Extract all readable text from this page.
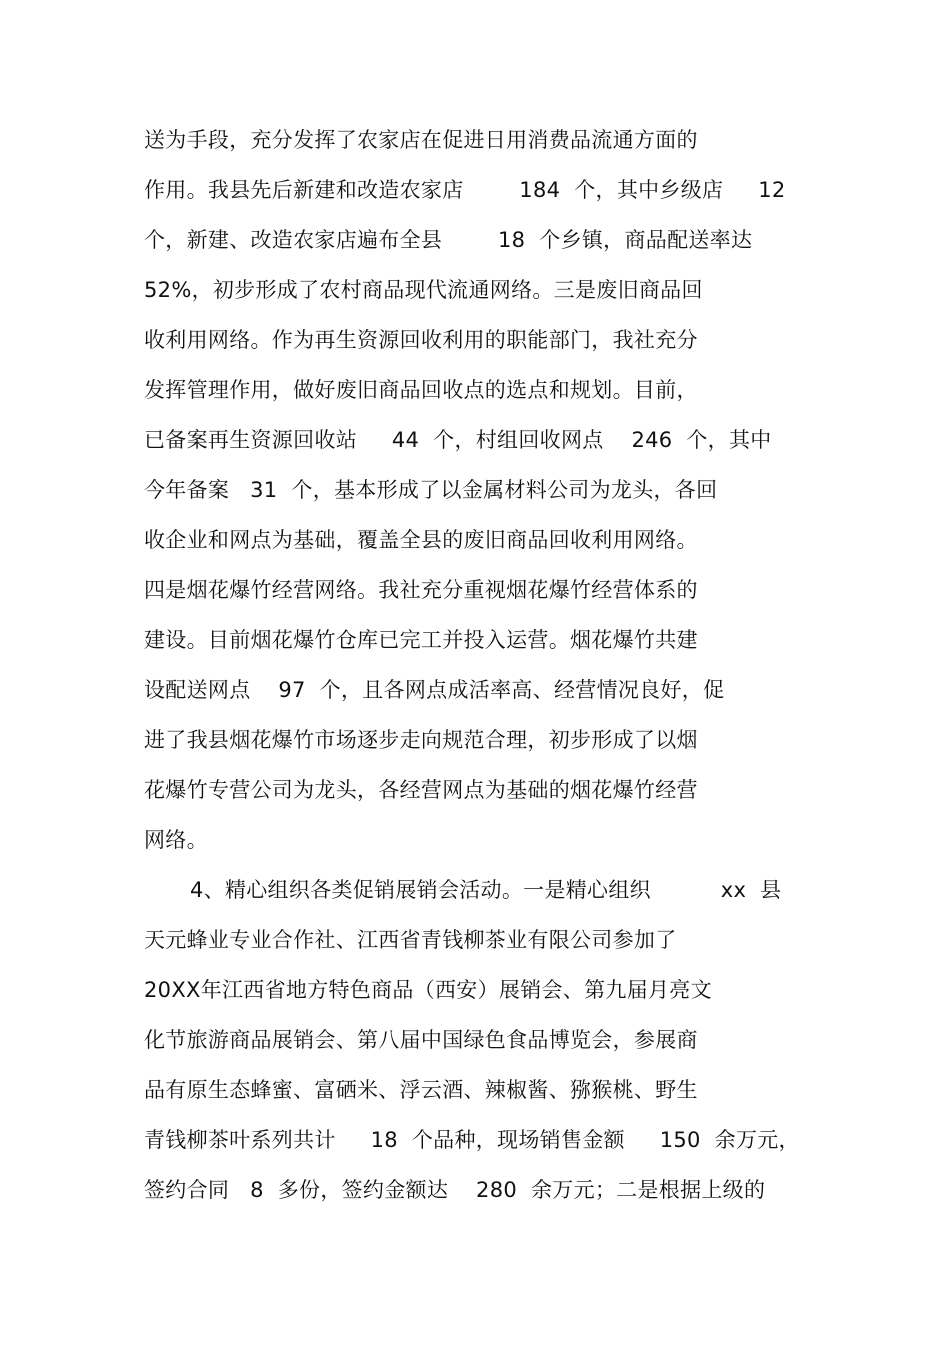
送为手段，充分发挥了农家店在促进日用消费品流通方面的
作用。我县先后新建和改造农家店        184  个，其中乡级店     12
个，新建、改造农家店遍布全县        18  个乡镇，商品配送率达
52%，初步形成了农村商品现代流通网络。三是废旧商品回
收利用网络。作为再生资源回收利用的职能部门，我社充分
发挥管理作用，做好废旧商品回收点的选点和规划。目前，
已备案再生资源回收站     44  个，村组回收网点    246  个，其中
今年备案   31  个，基本形成了以金属材料公司为龙头，各回
收企业和网点为基础，覆盖全县的废旧商品回收利用网络。
四是烟花爆竹经营网络。我社充分重视烟花爆竹经营体系的
建设。目前烟花爆竹仓库已完工并投入运营。烟花爆竹共建
设配送网点    97  个，且各网点成活率高、经营情况良好，促
进了我县烟花爆竹市场逐步走向规范合理，初步形成了以烟
花爆竹专营公司为龙头，各经营网点为基础的烟花爆竹经营
网络。
4、精心组织各类促销展销会活动。一是精心组织          xx  县
天元蜂业专业合作社、江西省青钱柳茶业有限公司参加了
20XX年江西省地方特色商品（西安）展销会、第九届月亮文
化节旅游商品展销会、第八届中国绿色食品博览会，参展商
品有原生态蜂蜜、富硒米、浮云酒、辣椒酱、猕猴桃、野生
青钱柳茶叶系列共计     18  个品种，现场销售金额     150  余万元，
签约合同   8  多份，签约金额达    280  余万元；二是根据上级的
